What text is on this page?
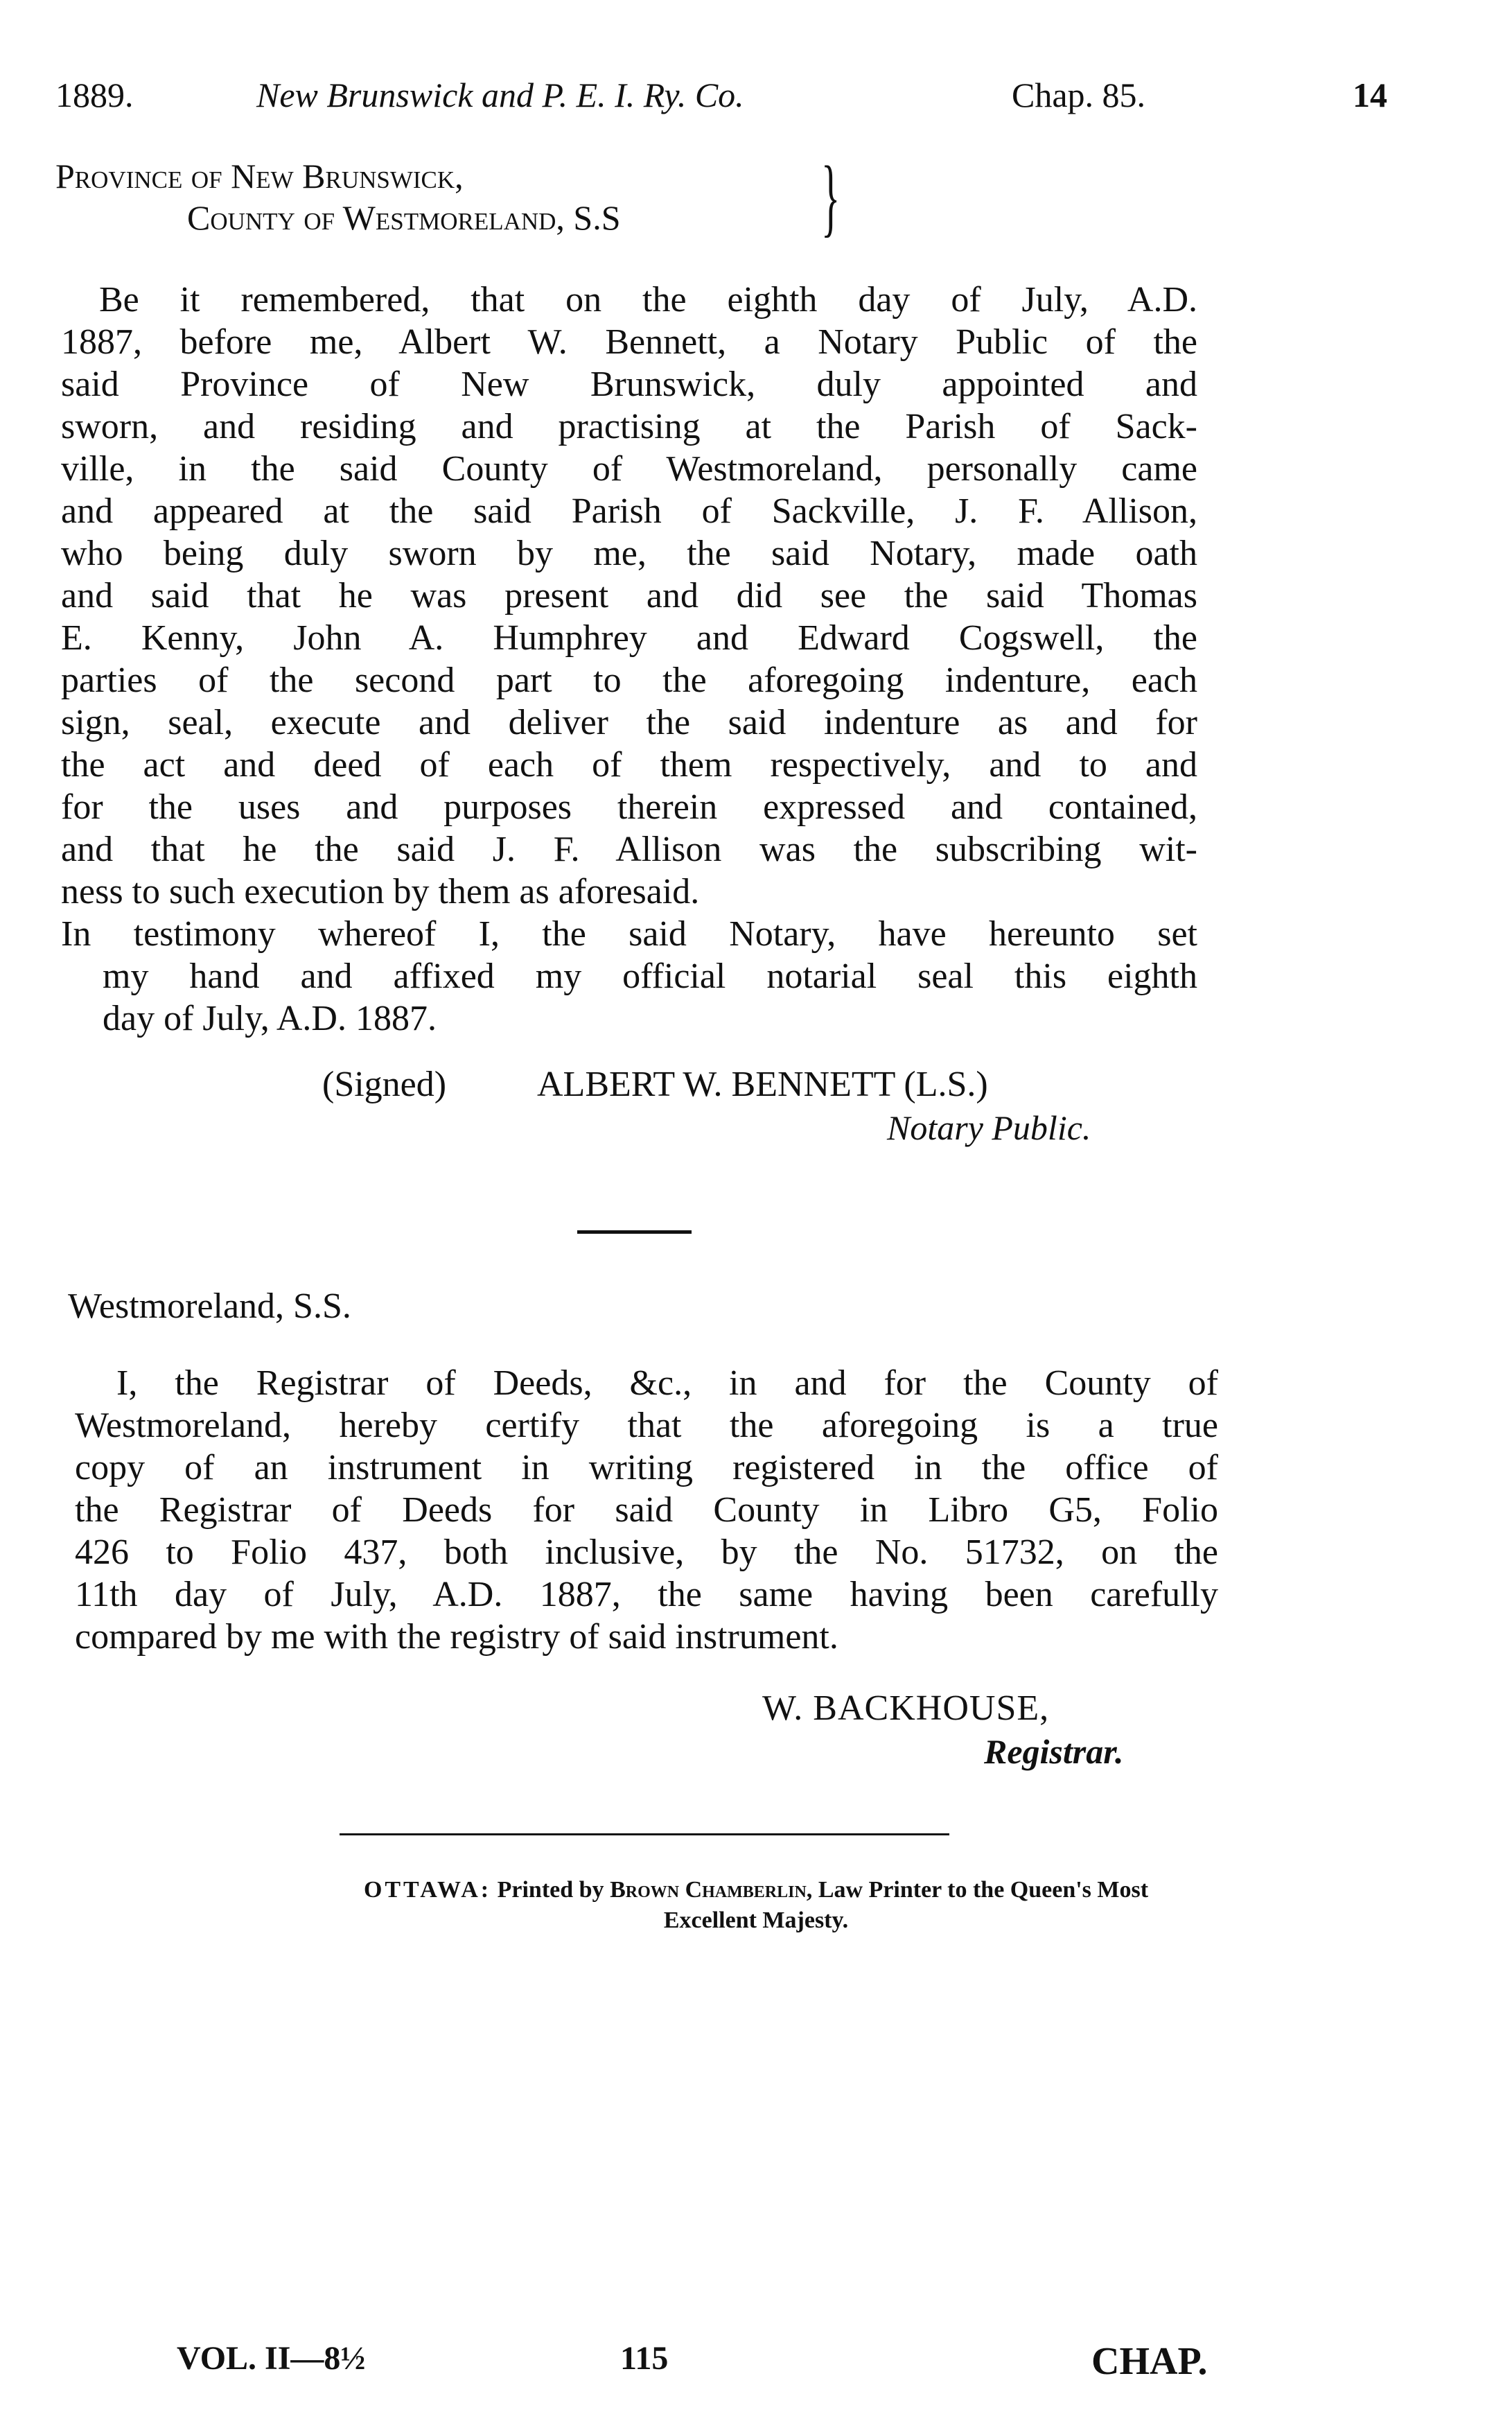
1889.	New Brunswick and P. E. I. Ry. Co.	Chap. 85.	14
Province of New Brunswick,
County of Westmoreland, S.S }
Be it remembered, that on the eighth day of July, A.D.
1887, before me, Albert W. Bennett, a Notary Public of the
said Province of New Brunswick, duly appointed and
sworn, and residing and practising at the Parish of Sack-
ville, in the said County of Westmoreland, personally came
and appeared at the said Parish of Sackville, J. F. Allison,
who being duly sworn by me, the said Notary, made oath
and said that he was present and did see the said Thomas
E. Kenny, John A. Humphrey and Edward Cogswell, the
parties of the second part to the aforegoing indenture, each
sign, seal, execute and deliver the said indenture as and for
the act and deed of each of them respectively, and to and
for the uses and purposes therein expressed and contained,
and that he the said J. F. Allison was the subscribing wit-
ness to such execution by them as aforesaid.
In testimony whereof I, the said Notary, have hereunto set
my hand and affixed my official notarial seal this eighth
day of July, A.D. 1887.
(Signed)	ALBERT W. BENNETT (L.S.)
Notary Public.
Westmoreland, S.S.
I, the Registrar of Deeds, &c., in and for the County of
Westmoreland, hereby certify that the aforegoing is a true
copy of an instrument in writing registered in the office of
the Registrar of Deeds for said County in Libro G5, Folio
426 to Folio 437, both inclusive, by the No. 51732, on the
11th day of July, A.D. 1887, the same having been carefully
compared by me with the registry of said instrument.
W. BACKHOUSE,
Registrar.
OTTAWA: Printed by Brown Chamberlin, Law Printer to the Queen's Most
Excellent Majesty.
VOL. II—8½	115	CHAP.
